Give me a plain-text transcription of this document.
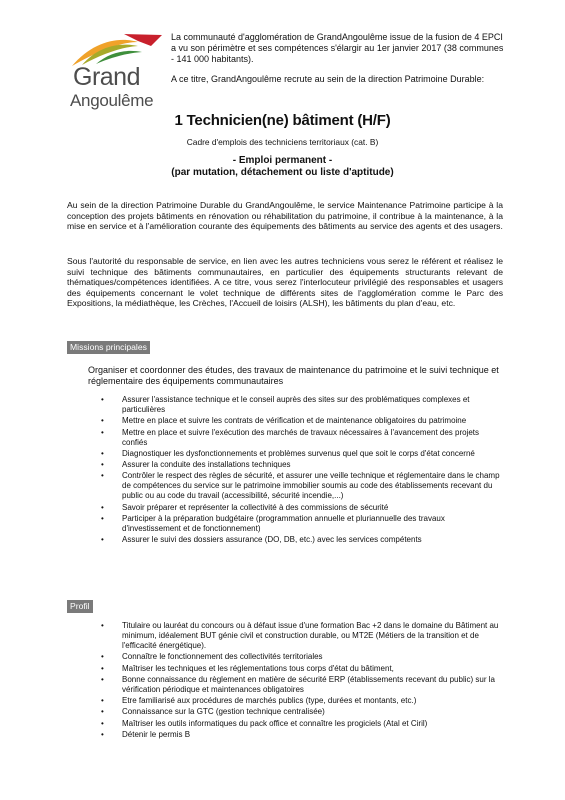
Grand
Angoulême

La communauté d'agglomération de GrandAngoulême issue de la fusion de 4 EPCI a vu son périmètre et ses compétences s'élargir au 1er janvier 2017 (38 communes - 141 000 habitants).

A ce titre, GrandAngoulême recrute au sein de la direction Patrimoine Durable:

1 Technicien(ne) bâtiment (H/F)
Cadre d'emplois des techniciens territoriaux (cat. B)
- Emploi permanent -
(par mutation, détachement ou liste d'aptitude)

Au sein de la direction Patrimoine Durable du GrandAngoulême, le service Maintenance Patrimoine participe à la conception des projets bâtiments en rénovation ou réhabilitation du patrimoine, il contribue à la maintenance, à la mise en service et à l'amélioration courante des équipements des bâtiments au service des agents et des usagers.

Sous l'autorité du responsable de service, en lien avec les autres techniciens vous serez le référent et réalisez le suivi technique des bâtiments communautaires, en particulier des équipements structurants relevant de thématiques/compétences identifiées. A ce titre, vous serez l'interlocuteur privilégié des responsables et usagers des équipements concernant le volet technique de différents sites de l'agglomération comme le Parc des Expositions, la médiathèque, les Crèches, l'Accueil de loisirs (ALSH), les bâtiments du plan d'eau, etc.

Missions principales

Organiser et coordonner des études, des travaux de maintenance du patrimoine et le suivi technique et réglementaire des équipements communautaires

• Assurer l'assistance technique et le conseil auprès des sites sur des problématiques complexes et particulières
• Mettre en place et suivre les contrats de vérification et de maintenance obligatoires du patrimoine
• Mettre en place et suivre l'exécution des marchés de travaux nécessaires à l'avancement des projets confiés
• Diagnostiquer les dysfonctionnements et problèmes survenus quel que soit le corps d'état concerné
• Assurer la conduite des installations techniques
• Contrôler le respect des règles de sécurité, et assurer une veille technique et réglementaire dans le champ de compétences du service sur le patrimoine immobilier soumis au code des établissements recevant du public ou au code du travail (accessibilité, sécurité incendie,...)
• Savoir préparer et représenter la collectivité à des commissions de sécurité
• Participer à la préparation budgétaire (programmation annuelle et pluriannuelle des travaux d'investissement et de fonctionnement)
• Assurer le suivi des dossiers assurance (DO, DB, etc.) avec les services compétents
Profil
• Titulaire ou lauréat du concours ou à défaut issue d'une formation Bac +2 dans le domaine du Bâtiment au minimum, idéalement BUT génie civil et construction durable, ou MT2E (Métiers de la transition et de l'efficacité énergétique).
• Connaître le fonctionnement des collectivités territoriales
• Maîtriser les techniques et les réglementations tous corps d'état du bâtiment,
• Bonne connaissance du règlement en matière de sécurité ERP (établissements recevant du public) sur la vérification périodique et maintenances obligatoires
• Etre familiarisé aux procédures de marchés publics (type, durées et montants, etc.)
• Connaissance sur la GTC (gestion technique centralisée)
• Maîtriser les outils informatiques du pack office et connaître les progiciels (Atal et Ciril)
• Détenir le permis B
